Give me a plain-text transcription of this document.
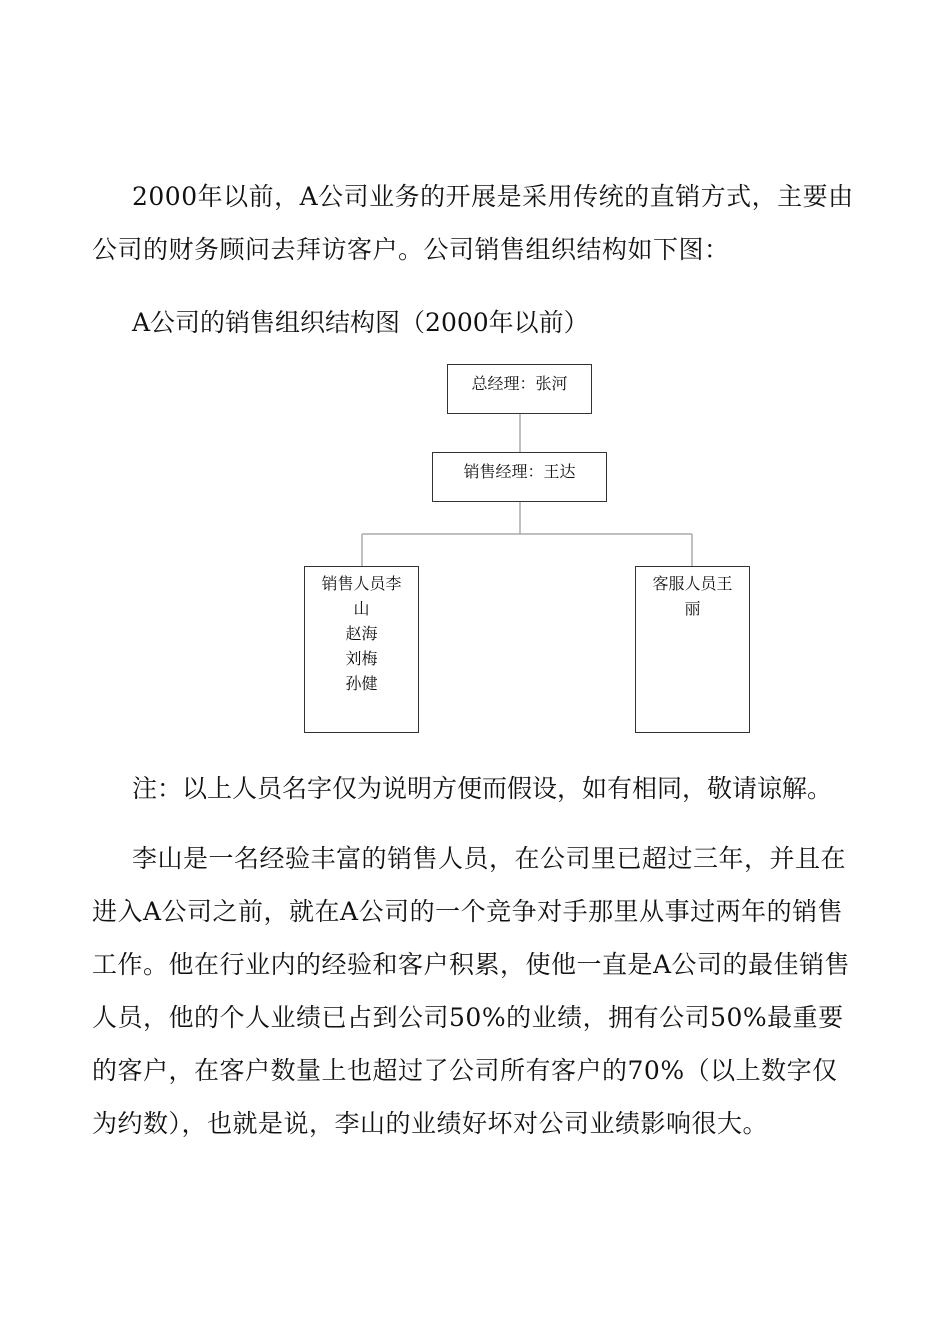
2000年以前，A公司业务的开展是采用传统的直销方式，主要由公司的财务顾问去拜访客户。公司销售组织结构如下图：

A公司的销售组织结构图（2000年以前）

总经理：张河
销售经理：王达
销售人员李
山
赵海
刘梅
孙健
客服人员王
丽

注：以上人员名字仅为说明方便而假设，如有相同，敬请谅解。

李山是一名经验丰富的销售人员，在公司里已超过三年，并且在进入A公司之前，就在A公司的一个竞争对手那里从事过两年的销售工作。他在行业内的经验和客户积累，使他一直是A公司的最佳销售人员，他的个人业绩已占到公司50%的业绩，拥有公司50%最重要的客户，在客户数量上也超过了公司所有客户的70%（以上数字仅为约数），也就是说，李山的业绩好坏对公司业绩影响很大。
